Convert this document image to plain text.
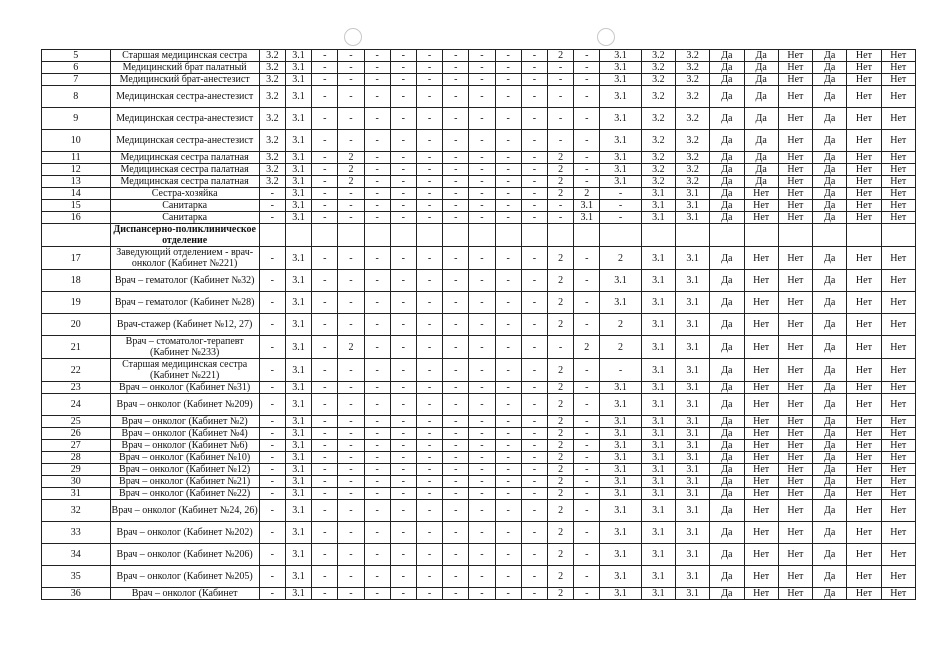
5	Старшая медицинская сестра	3.2	3.1	-	-	-	-	-	-	-	-	-	2	-	3.1	3.2	3.2	Да	Да	Нет	Да	Нет	Нет
6	Медицинский брат палатный	3.2	3.1	-	-	-	-	-	-	-	-	-	-	-	3.1	3.2	3.2	Да	Да	Нет	Да	Нет	Нет
7	Медицинский брат-анестезист	3.2	3.1	-	-	-	-	-	-	-	-	-	-	-	3.1	3.2	3.2	Да	Да	Нет	Да	Нет	Нет
8	Медицинская сестра-анестезист	3.2	3.1	-	-	-	-	-	-	-	-	-	-	-	3.1	3.2	3.2	Да	Да	Нет	Да	Нет	Нет
9	Медицинская сестра-анестезист	3.2	3.1	-	-	-	-	-	-	-	-	-	-	-	3.1	3.2	3.2	Да	Да	Нет	Да	Нет	Нет
10	Медицинская сестра-анестезист	3.2	3.1	-	-	-	-	-	-	-	-	-	-	-	3.1	3.2	3.2	Да	Да	Нет	Да	Нет	Нет
11	Медицинская сестра палатная	3.2	3.1	-	2	-	-	-	-	-	-	-	2	-	3.1	3.2	3.2	Да	Да	Нет	Да	Нет	Нет
12	Медицинская сестра палатная	3.2	3.1	-	2	-	-	-	-	-	-	-	2	-	3.1	3.2	3.2	Да	Да	Нет	Да	Нет	Нет
13	Медицинская сестра палатная	3.2	3.1	-	2	-	-	-	-	-	-	-	2	-	3.1	3.2	3.2	Да	Да	Нет	Да	Нет	Нет
14	Сестра-хозяйка	-	3.1	-	-	-	-	-	-	-	-	-	2	2	-	3.1	3.1	Да	Нет	Нет	Да	Нет	Нет
15	Санитарка	-	3.1	-	-	-	-	-	-	-	-	-	-	3.1	-	3.1	3.1	Да	Нет	Нет	Да	Нет	Нет
16	Санитарка	-	3.1	-	-	-	-	-	-	-	-	-	-	3.1	-	3.1	3.1	Да	Нет	Нет	Да	Нет	Нет
	Диспансерно-поликлиническое отделение																						
17	Заведующий отделением - врач-онколог (Кабинет №221)	-	3.1	-	-	-	-	-	-	-	-	-	2	-	2	3.1	3.1	Да	Нет	Нет	Да	Нет	Нет
18	Врач – гематолог (Кабинет №32)	-	3.1	-	-	-	-	-	-	-	-	-	2	-	3.1	3.1	3.1	Да	Нет	Нет	Да	Нет	Нет
19	Врач – гематолог (Кабинет №28)	-	3.1	-	-	-	-	-	-	-	-	-	2	-	3.1	3.1	3.1	Да	Нет	Нет	Да	Нет	Нет
20	Врач-стажер (Кабинет №12, 27)	-	3.1	-	-	-	-	-	-	-	-	-	2	-	2	3.1	3.1	Да	Нет	Нет	Да	Нет	Нет
21	Врач – стоматолог-терапевт (Кабинет №233)	-	3.1	-	2	-	-	-	-	-	-	-	-	2	2	3.1	3.1	Да	Нет	Нет	Да	Нет	Нет
22	Старшая медицинская сестра (Кабинет №221)	-	3.1	-	-	-	-	-	-	-	-	-	2	-	-	3.1	3.1	Да	Нет	Нет	Да	Нет	Нет
23	Врач – онколог (Кабинет №31)	-	3.1	-	-	-	-	-	-	-	-	-	2	-	3.1	3.1	3.1	Да	Нет	Нет	Да	Нет	Нет
24	Врач – онколог (Кабинет №209)	-	3.1	-	-	-	-	-	-	-	-	-	2	-	3.1	3.1	3.1	Да	Нет	Нет	Да	Нет	Нет
25	Врач – онколог (Кабинет №2)	-	3.1	-	-	-	-	-	-	-	-	-	2	-	3.1	3.1	3.1	Да	Нет	Нет	Да	Нет	Нет
26	Врач – онколог (Кабинет №4)	-	3.1	-	-	-	-	-	-	-	-	-	2	-	3.1	3.1	3.1	Да	Нет	Нет	Да	Нет	Нет
27	Врач – онколог (Кабинет №6)	-	3.1	-	-	-	-	-	-	-	-	-	2	-	3.1	3.1	3.1	Да	Нет	Нет	Да	Нет	Нет
28	Врач – онколог (Кабинет №10)	-	3.1	-	-	-	-	-	-	-	-	-	2	-	3.1	3.1	3.1	Да	Нет	Нет	Да	Нет	Нет
29	Врач – онколог (Кабинет №12)	-	3.1	-	-	-	-	-	-	-	-	-	2	-	3.1	3.1	3.1	Да	Нет	Нет	Да	Нет	Нет
30	Врач – онколог (Кабинет №21)	-	3.1	-	-	-	-	-	-	-	-	-	2	-	3.1	3.1	3.1	Да	Нет	Нет	Да	Нет	Нет
31	Врач – онколог (Кабинет №22)	-	3.1	-	-	-	-	-	-	-	-	-	2	-	3.1	3.1	3.1	Да	Нет	Нет	Да	Нет	Нет
32	Врач – онколог (Кабинет №24, 26)	-	3.1	-	-	-	-	-	-	-	-	-	2	-	3.1	3.1	3.1	Да	Нет	Нет	Да	Нет	Нет
33	Врач – онколог (Кабинет №202)	-	3.1	-	-	-	-	-	-	-	-	-	2	-	3.1	3.1	3.1	Да	Нет	Нет	Да	Нет	Нет
34	Врач – онколог (Кабинет №206)	-	3.1	-	-	-	-	-	-	-	-	-	2	-	3.1	3.1	3.1	Да	Нет	Нет	Да	Нет	Нет
35	Врач – онколог (Кабинет №205)	-	3.1	-	-	-	-	-	-	-	-	-	2	-	3.1	3.1	3.1	Да	Нет	Нет	Да	Нет	Нет
36	Врач – онколог (Кабинет	-	3.1	-	-	-	-	-	-	-	-	-	2	-	3.1	3.1	3.1	Да	Нет	Нет	Да	Нет	Нет
